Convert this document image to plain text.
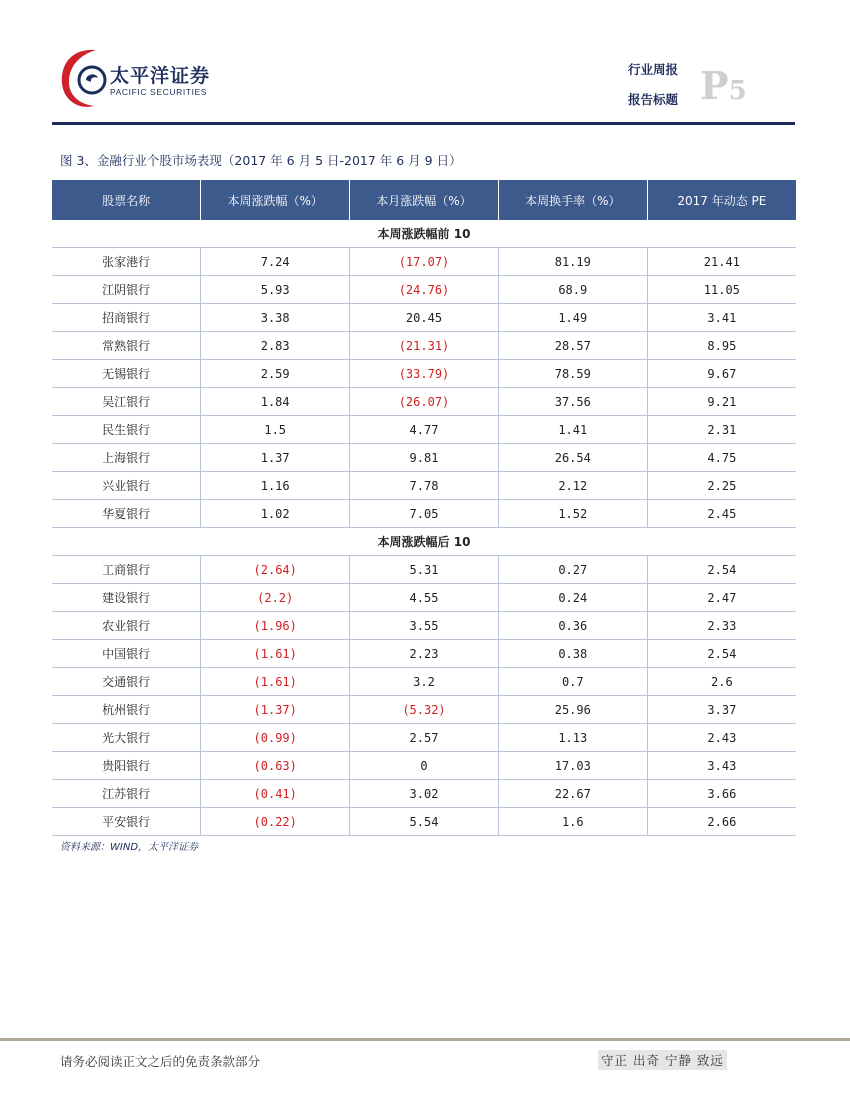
太平洋证券
PACIFIC SECURITIES
行业周报
报告标题 P5
图 3、金融行业个股市场表现（2017 年 6 月 5 日-2017 年 6 月 9 日）
股票名称	本周涨跌幅（%）	本月涨跌幅（%）	本周换手率（%）	2017 年动态 PE
本周涨跌幅前 10				
张家港行	7.24	(17.07)	81.19	21.41
江阴银行	5.93	(24.76)	68.9	11.05
招商银行	3.38	20.45	1.49	3.41
常熟银行	2.83	(21.31)	28.57	8.95
无锡银行	2.59	(33.79)	78.59	9.67
吴江银行	1.84	(26.07)	37.56	9.21
民生银行	1.5	4.77	1.41	2.31
上海银行	1.37	9.81	26.54	4.75
兴业银行	1.16	7.78	2.12	2.25
华夏银行	1.02	7.05	1.52	2.45
本周涨跌幅后 10				
工商银行	(2.64)	5.31	0.27	2.54
建设银行	(2.2)	4.55	0.24	2.47
农业银行	(1.96)	3.55	0.36	2.33
中国银行	(1.61)	2.23	0.38	2.54
交通银行	(1.61)	3.2	0.7	2.6
杭州银行	(1.37)	(5.32)	25.96	3.37
光大银行	(0.99)	2.57	1.13	2.43
贵阳银行	(0.63)	0	17.03	3.43
江苏银行	(0.41)	3.02	22.67	3.66
平安银行	(0.22)	5.54	1.6	2.66
资料来源：WIND，太平洋证券
请务必阅读正文之后的免责条款部分	守正 出奇 宁静 致远
